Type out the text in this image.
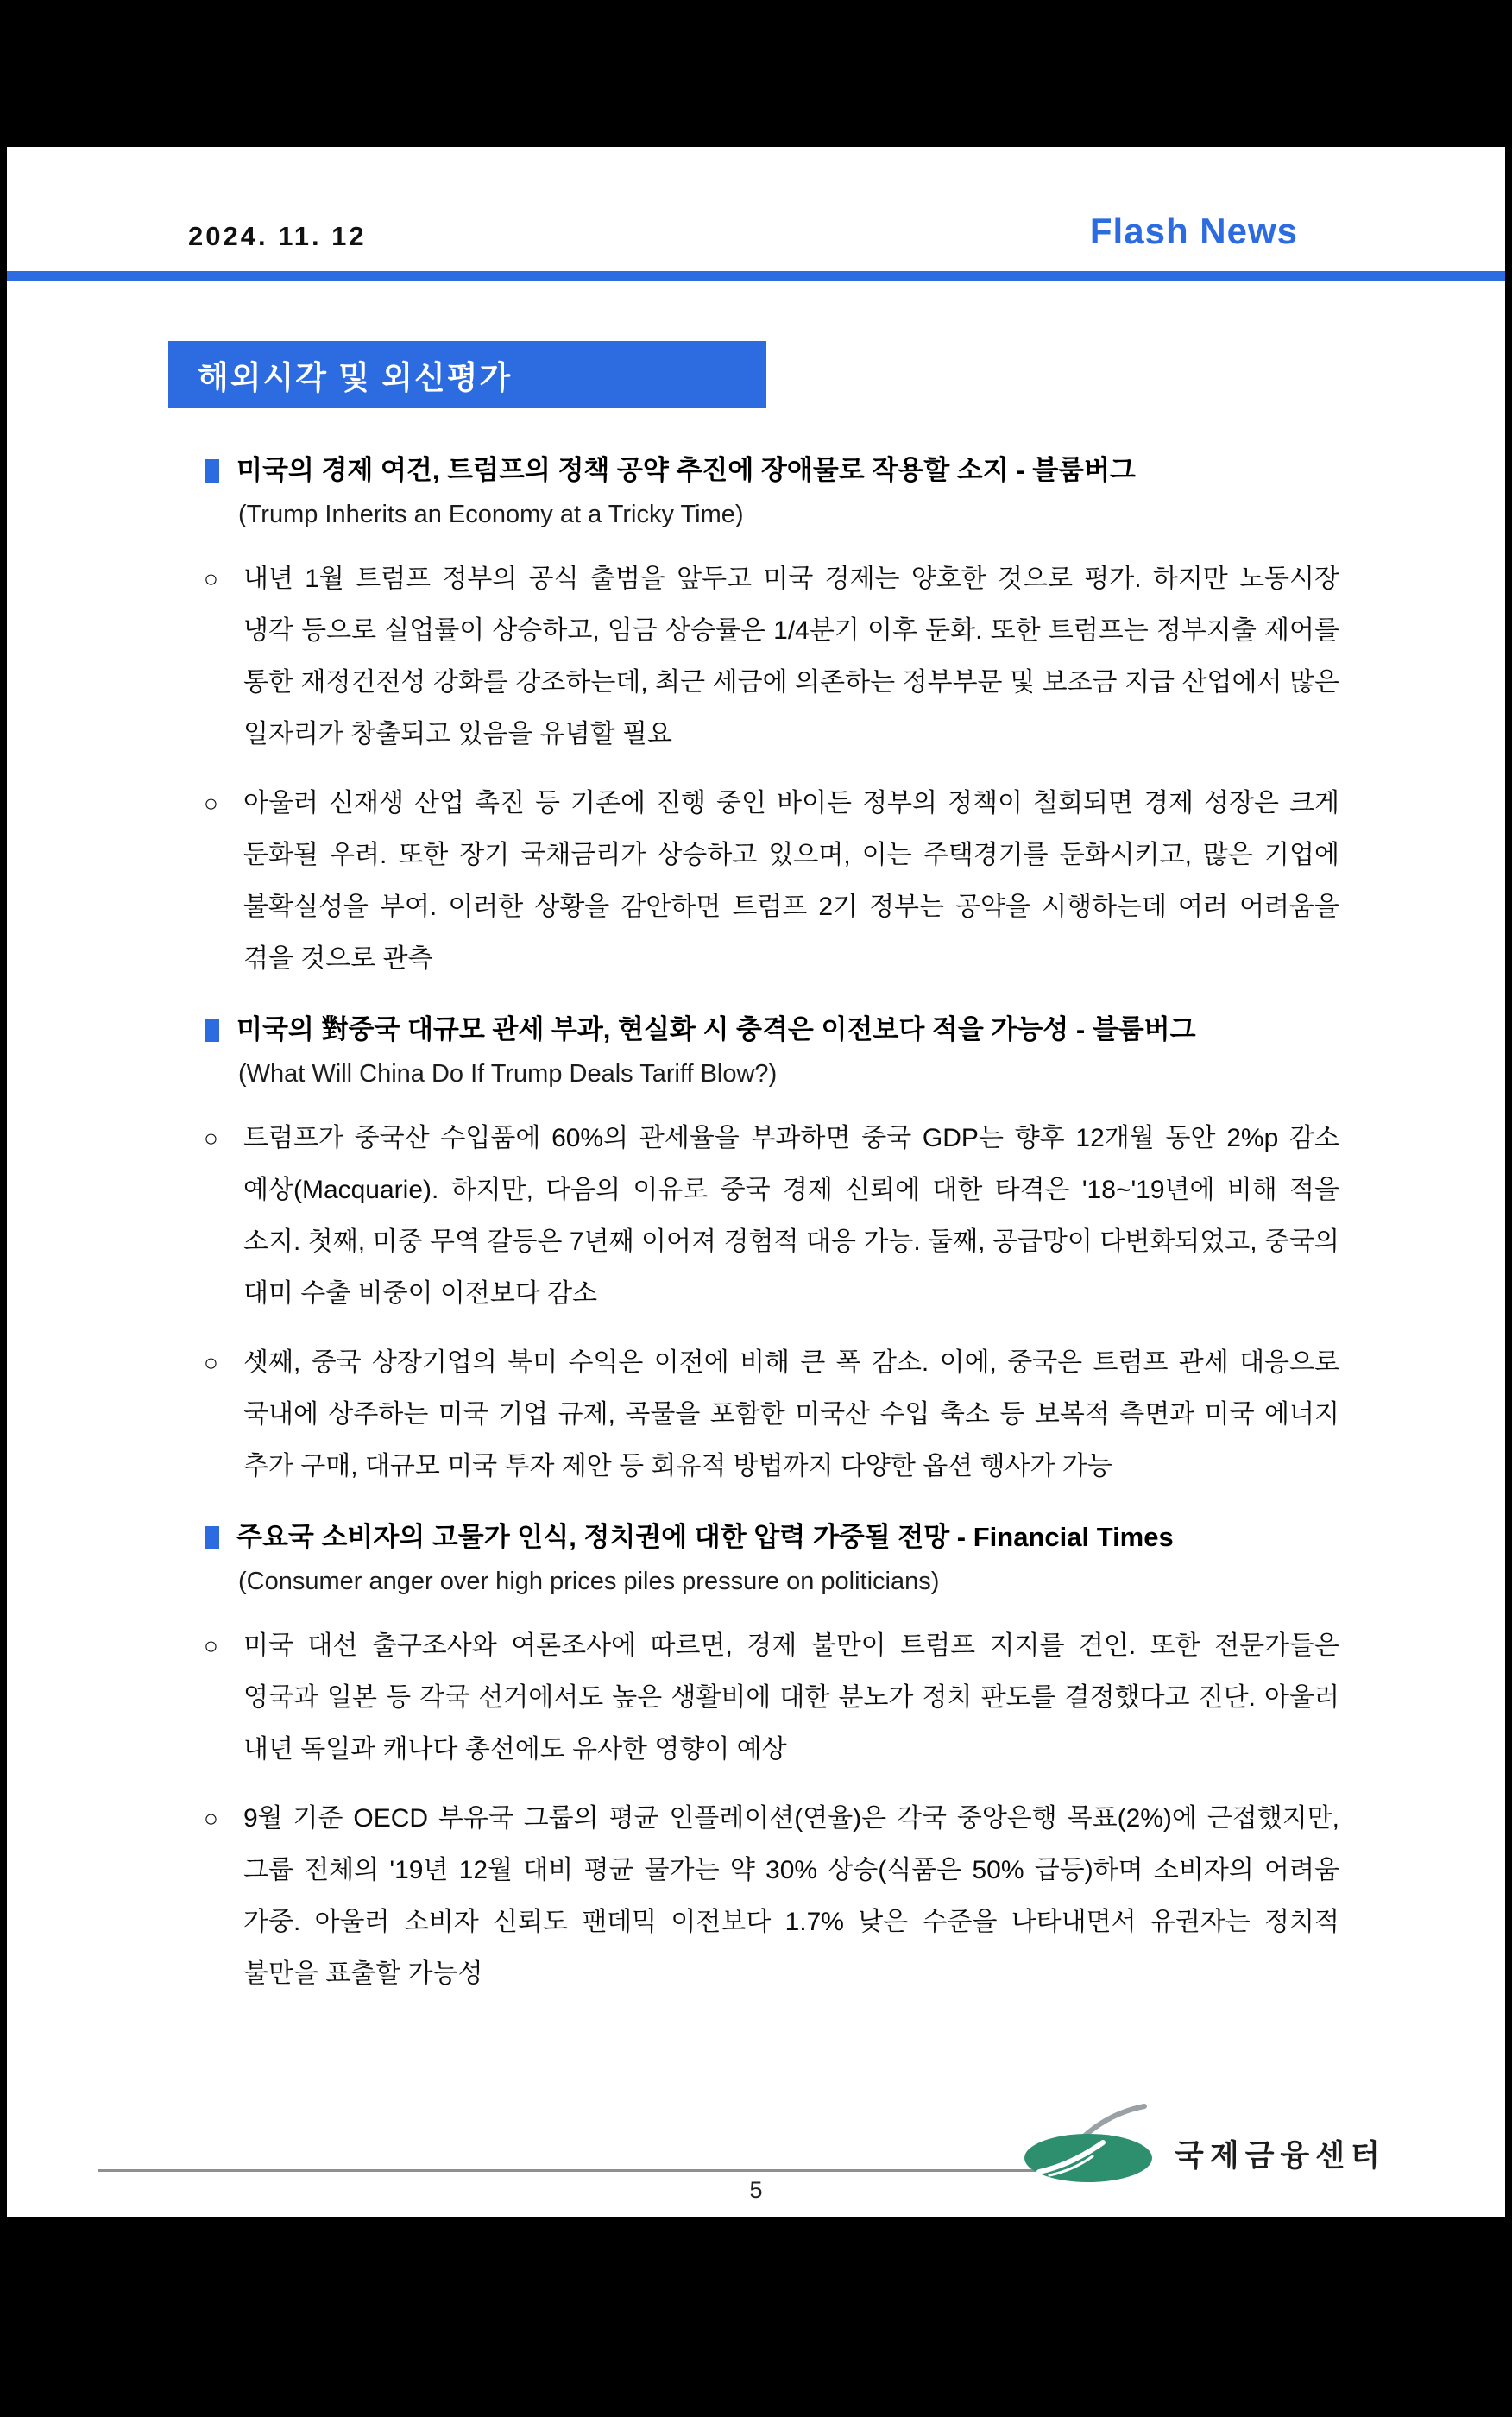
2024. 11. 12	Flash News
해외시각 및 외신평가
미국의 경제 여건, 트럼프의 정책 공약 추진에 장애물로 작용할 소지 - 블룸버그
(Trump Inherits an Economy at a Tricky Time)
○ 내년 1월 트럼프 정부의 공식 출범을 앞두고 미국 경제는 양호한 것으로 평가. 하지만 노동시장 냉각 등으로 실업률이 상승하고, 임금 상승률은 1/4분기 이후 둔화. 또한 트럼프는 정부지출 제어를 통한 재정건전성 강화를 강조하는데, 최근 세금에 의존하는 정부부문 및 보조금 지급 산업에서 많은 일자리가 창출되고 있음을 유념할 필요

○ 아울러 신재생 산업 촉진 등 기존에 진행 중인 바이든 정부의 정책이 철회되면 경제 성장은 크게 둔화될 우려. 또한 장기 국채금리가 상승하고 있으며, 이는 주택경기를 둔화시키고, 많은 기업에 불확실성을 부여. 이러한 상황을 감안하면 트럼프 2기 정부는 공약을 시행하는데 여러 어려움을 겪을 것으로 관측

미국의 對중국 대규모 관세 부과, 현실화 시 충격은 이전보다 적을 가능성 - 블룸버그
(What Will China Do If Trump Deals Tariff Blow?)
○ 트럼프가 중국산 수입품에 60%의 관세율을 부과하면 중국 GDP는 향후 12개월 동안 2%p 감소 예상(Macquarie). 하지만, 다음의 이유로 중국 경제 신뢰에 대한 타격은 '18~'19년에 비해 적을 소지. 첫째, 미중 무역 갈등은 7년째 이어져 경험적 대응 가능. 둘째, 공급망이 다변화되었고, 중국의 대미 수출 비중이 이전보다 감소

○ 셋째, 중국 상장기업의 북미 수익은 이전에 비해 큰 폭 감소. 이에, 중국은 트럼프 관세 대응으로 국내에 상주하는 미국 기업 규제, 곡물을 포함한 미국산 수입 축소 등 보복적 측면과 미국 에너지 추가 구매, 대규모 미국 투자 제안 등 회유적 방법까지 다양한 옵션 행사가 가능

주요국 소비자의 고물가 인식, 정치권에 대한 압력 가중될 전망 - Financial Times
(Consumer anger over high prices piles pressure on politicians)
○ 미국 대선 출구조사와 여론조사에 따르면, 경제 불만이 트럼프 지지를 견인. 또한 전문가들은 영국과 일본 등 각국 선거에서도 높은 생활비에 대한 분노가 정치 판도를 결정했다고 진단. 아울러 내년 독일과 캐나다 총선에도 유사한 영향이 예상

○ 9월 기준 OECD 부유국 그룹의 평균 인플레이션(연율)은 각국 중앙은행 목표(2%)에 근접했지만, 그룹 전체의 '19년 12월 대비 평균 물가는 약 30% 상승(식품은 50% 급등)하며 소비자의 어려움 가중. 아울러 소비자 신뢰도 팬데믹 이전보다 1.7% 낮은 수준을 나타내면서 유권자는 정치적 불만을 표출할 가능성

국제금융센터
5
